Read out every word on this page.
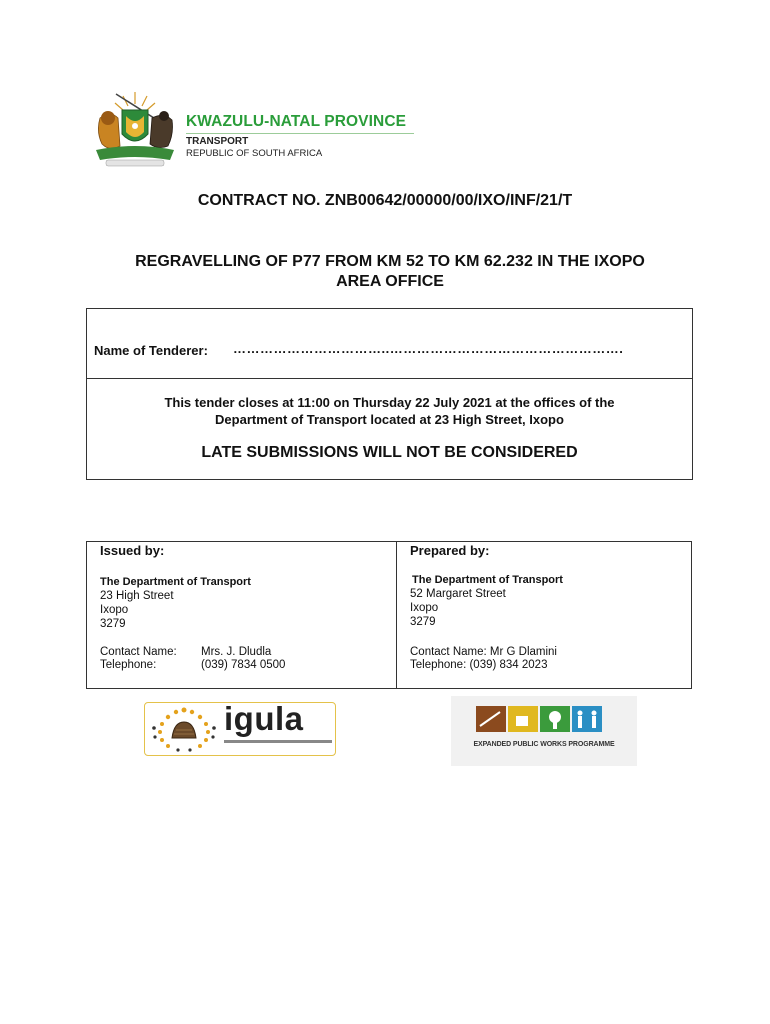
KWAZULU-NATAL PROVINCE
TRANSPORT
REPUBLIC OF SOUTH AFRICA
CONTRACT NO. ZNB00642/00000/00/IXO/INF/21/T
REGRAVELLING OF P77 FROM KM 52 TO KM 62.232 IN THE IXOPO
AREA OFFICE
Name of Tenderer: ……………………………..…………………………………………….
This tender closes at 11:00 on Thursday 22 July 2021 at the offices of the
Department of Transport located at 23 High Street, Ixopo
LATE SUBMISSIONS WILL NOT BE CONSIDERED
Issued by:
The Department of Transport
23 High Street
Ixopo
3279
Contact Name: Mrs. J. Dludla
Telephone:	(039) 7834 0500
Prepared by:
The Department of Transport
52 Margaret Street
Ixopo
3279
Contact Name: Mr G Dlamini
Telephone: (039) 834 2023
igula
EXPANDED PUBLIC WORKS PROGRAMME
